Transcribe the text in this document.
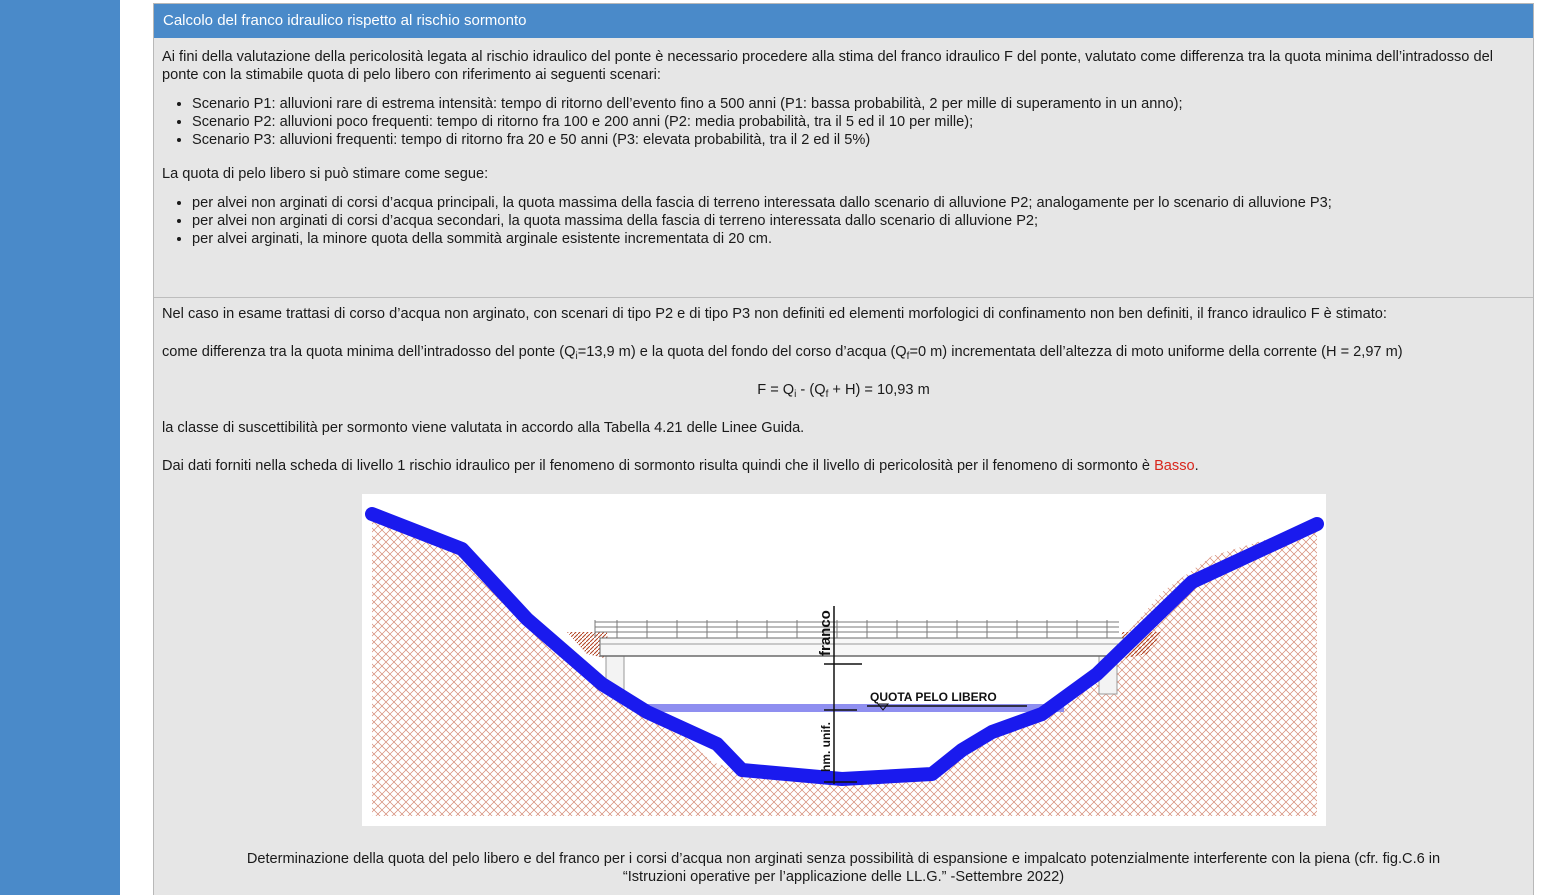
Calcolo del franco idraulico rispetto al rischio sormonto

Ai fini della valutazione della pericolosità legata al rischio idraulico del ponte è necessario procedere alla stima del franco idraulico F del ponte, valutato come differenza tra la quota minima dell’intradosso del ponte con la stimabile quota di pelo libero con riferimento ai seguenti scenari:

• Scenario P1: alluvioni rare di estrema intensità: tempo di ritorno dell’evento fino a 500 anni (P1: bassa probabilità, 2 per mille di superamento in un anno);
• Scenario P2: alluvioni poco frequenti: tempo di ritorno fra 100 e 200 anni (P2: media probabilità, tra il 5 ed il 10 per mille);
• Scenario P3: alluvioni frequenti: tempo di ritorno fra 20 e 50 anni (P3: elevata probabilità, tra il 2 ed il 5%)

La quota di pelo libero si può stimare come segue:

• per alvei non arginati di corsi d’acqua principali, la quota massima della fascia di terreno interessata dallo scenario di alluvione P2; analogamente per lo scenario di alluvione P3;
• per alvei non arginati di corsi d’acqua secondari, la quota massima della fascia di terreno interessata dallo scenario di alluvione P2;
• per alvei arginati, la minore quota della sommità arginale esistente incrementata di 20 cm.

Nel caso in esame trattasi di corso d’acqua non arginato, con scenari di tipo P2 e di tipo P3 non definiti ed elementi morfologici di confinamento non ben definiti, il franco idraulico F è stimato:

come differenza tra la quota minima dell’intradosso del ponte ($Q_i=13,9$ m) e la quota del fondo del corso d’acqua ($Q_f=0$ m) incrementata dell’altezza di moto uniforme della corrente (H = 2,97 m)

$F = Q_i - (Q_f + H) = 10,93$ m

la classe di suscettibilità per sormonto viene valutata in accordo alla Tabella 4.21 delle Linee Guida.

Dai dati forniti nella scheda di livello 1 rischio idraulico per il fenomeno di sormonto risulta quindi che il livello di pericolosità per il fenomeno di sormonto è Basso.

franco
hm. unif.
QUOTA PELO LIBERO
Determinazione della quota del pelo libero e del franco per i corsi d’acqua non arginati senza possibilità di espansione e impalcato potenzialmente interferente con la piena (cfr. fig.C.6 in
“Istruzioni operative per l’applicazione delle LL.G.” -Settembre 2022)
